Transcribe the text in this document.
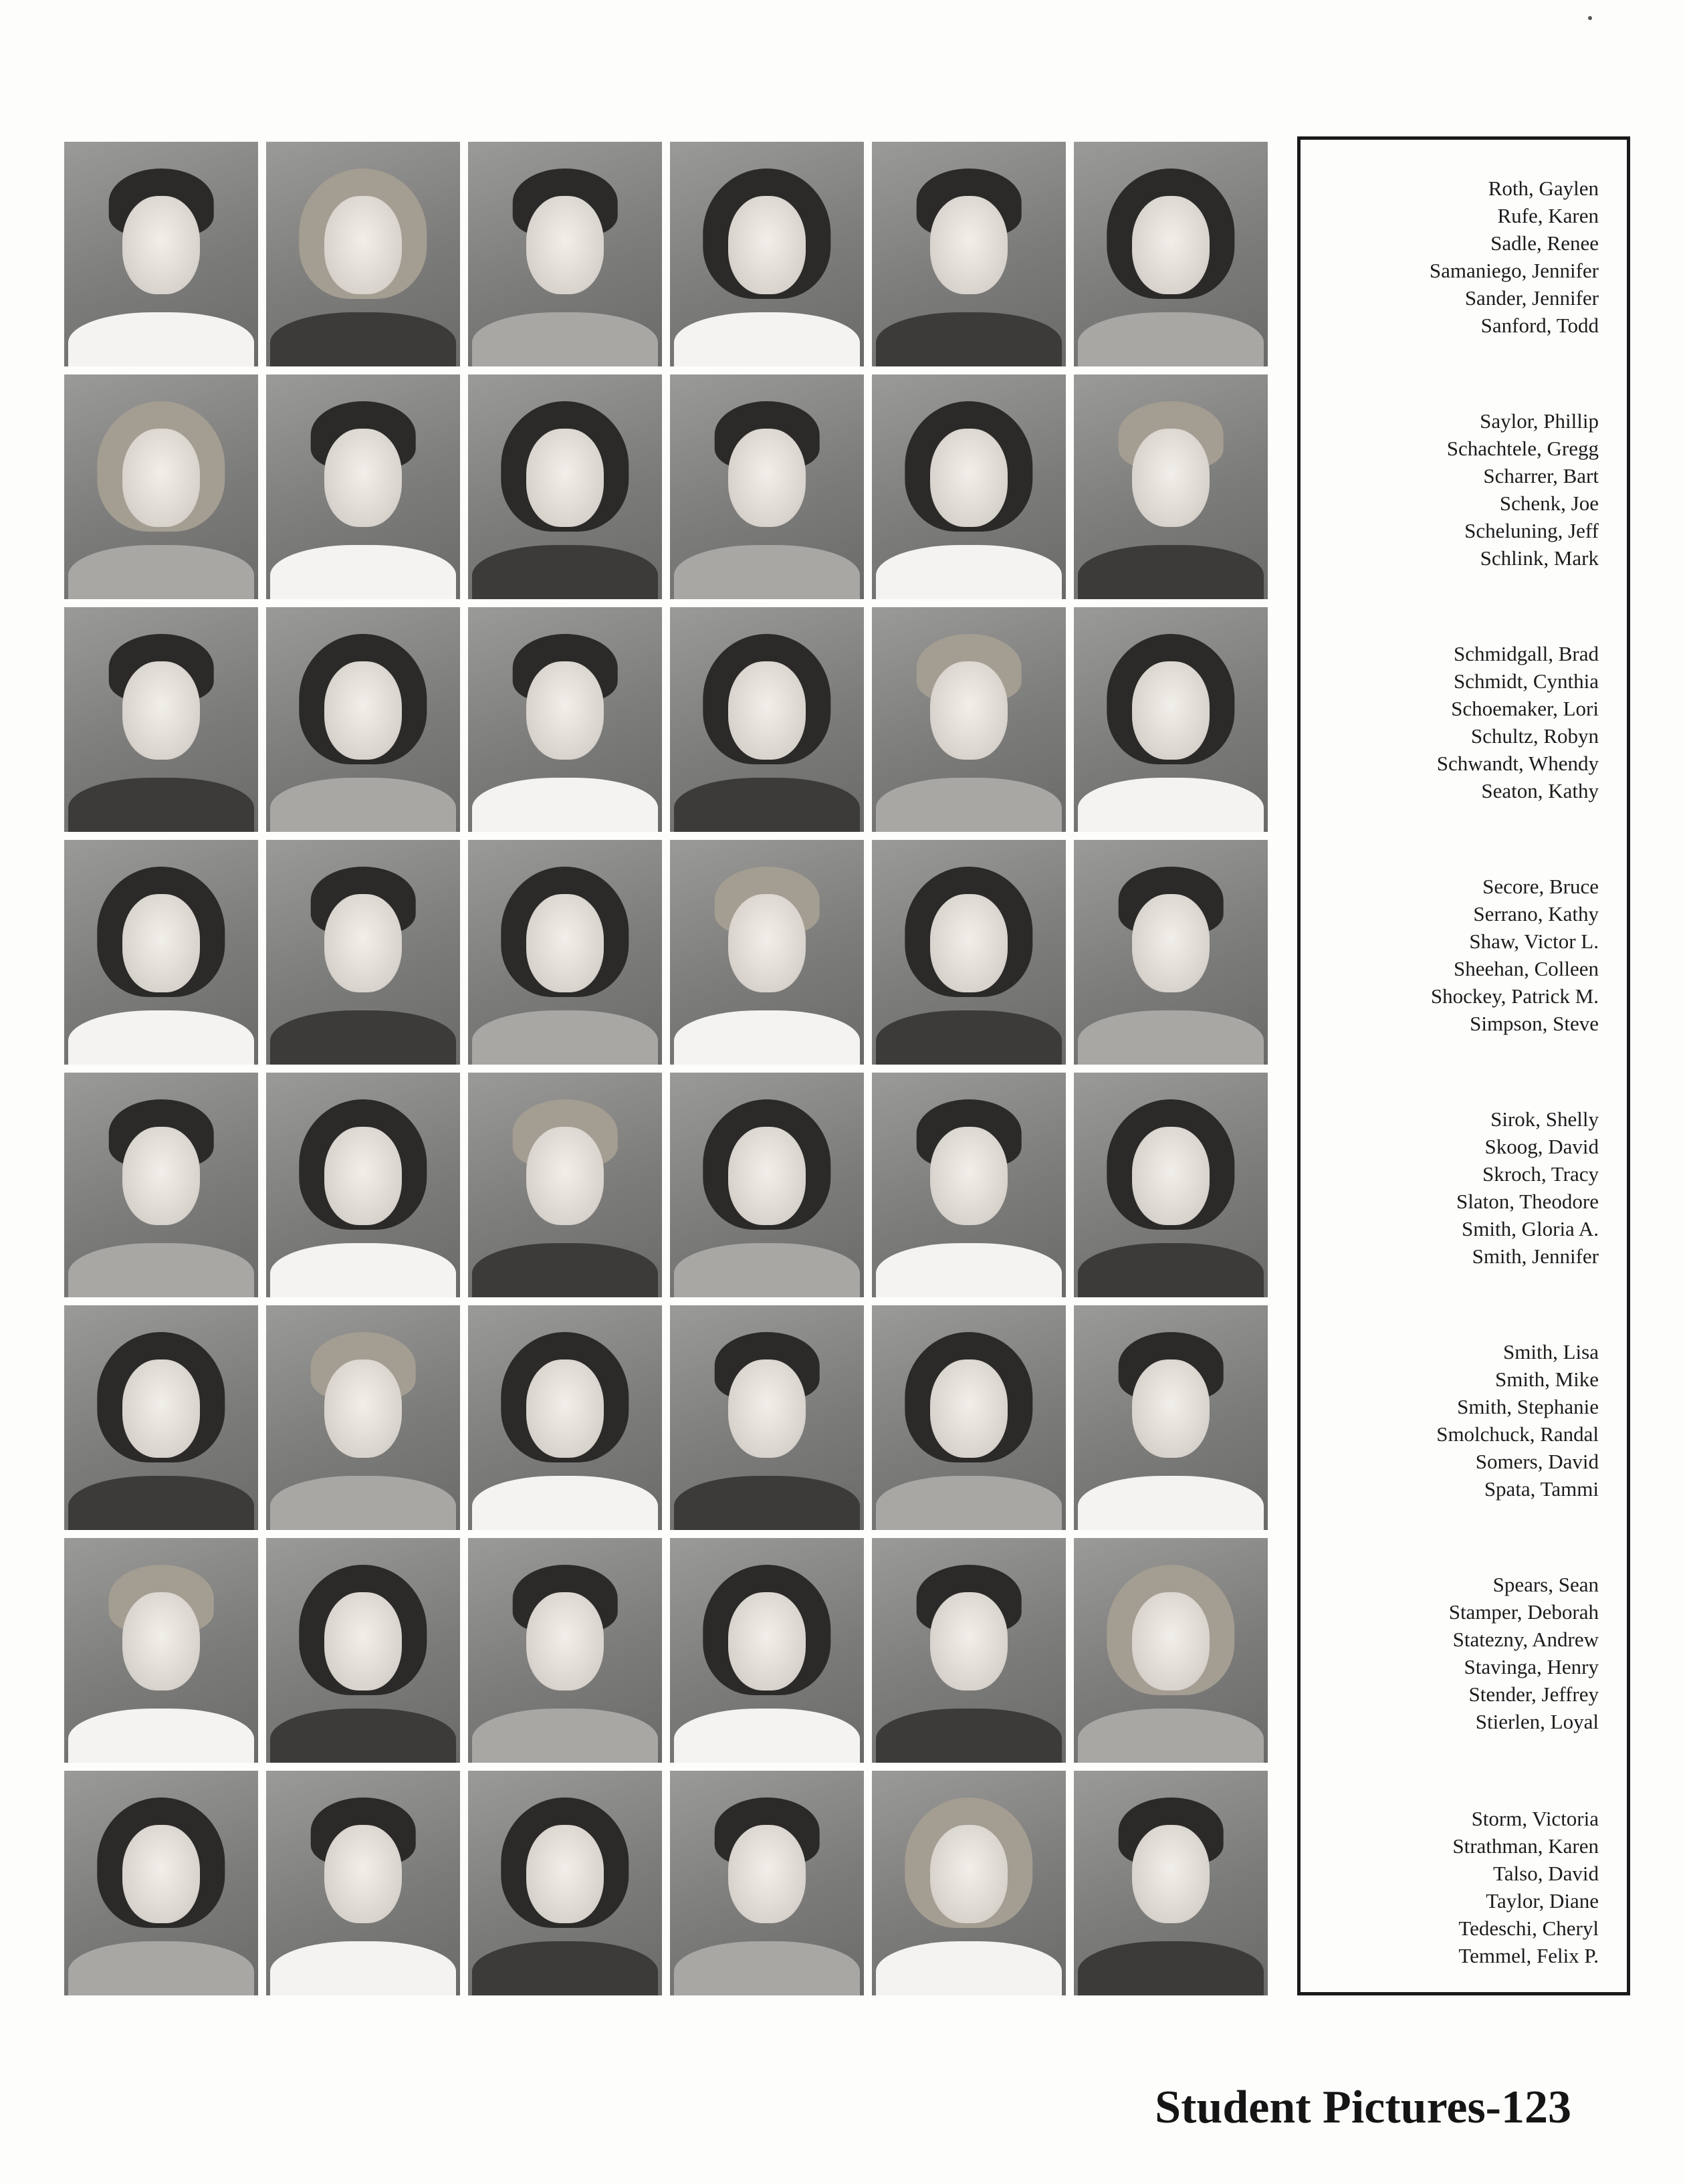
Roth, Gaylen
Rufe, Karen
Sadle, Renee
Samaniego, Jennifer
Sander, Jennifer
Sanford, Todd
Saylor, Phillip
Schachtele, Gregg
Scharrer, Bart
Schenk, Joe
Scheluning, Jeff
Schlink, Mark
Schmidgall, Brad
Schmidt, Cynthia
Schoemaker, Lori
Schultz, Robyn
Schwandt, Whendy
Seaton, Kathy
Secore, Bruce
Serrano, Kathy
Shaw, Victor L.
Sheehan, Colleen
Shockey, Patrick M.
Simpson, Steve
Sirok, Shelly
Skoog, David
Skroch, Tracy
Slaton, Theodore
Smith, Gloria A.
Smith, Jennifer
Smith, Lisa
Smith, Mike
Smith, Stephanie
Smolchuck, Randal
Somers, David
Spata, Tammi
Spears, Sean
Stamper, Deborah
Statezny, Andrew
Stavinga, Henry
Stender, Jeffrey
Stierlen, Loyal
Storm, Victoria
Strathman, Karen
Talso, David
Taylor, Diane
Tedeschi, Cheryl
Temmel, Felix P.
Student Pictures-123
